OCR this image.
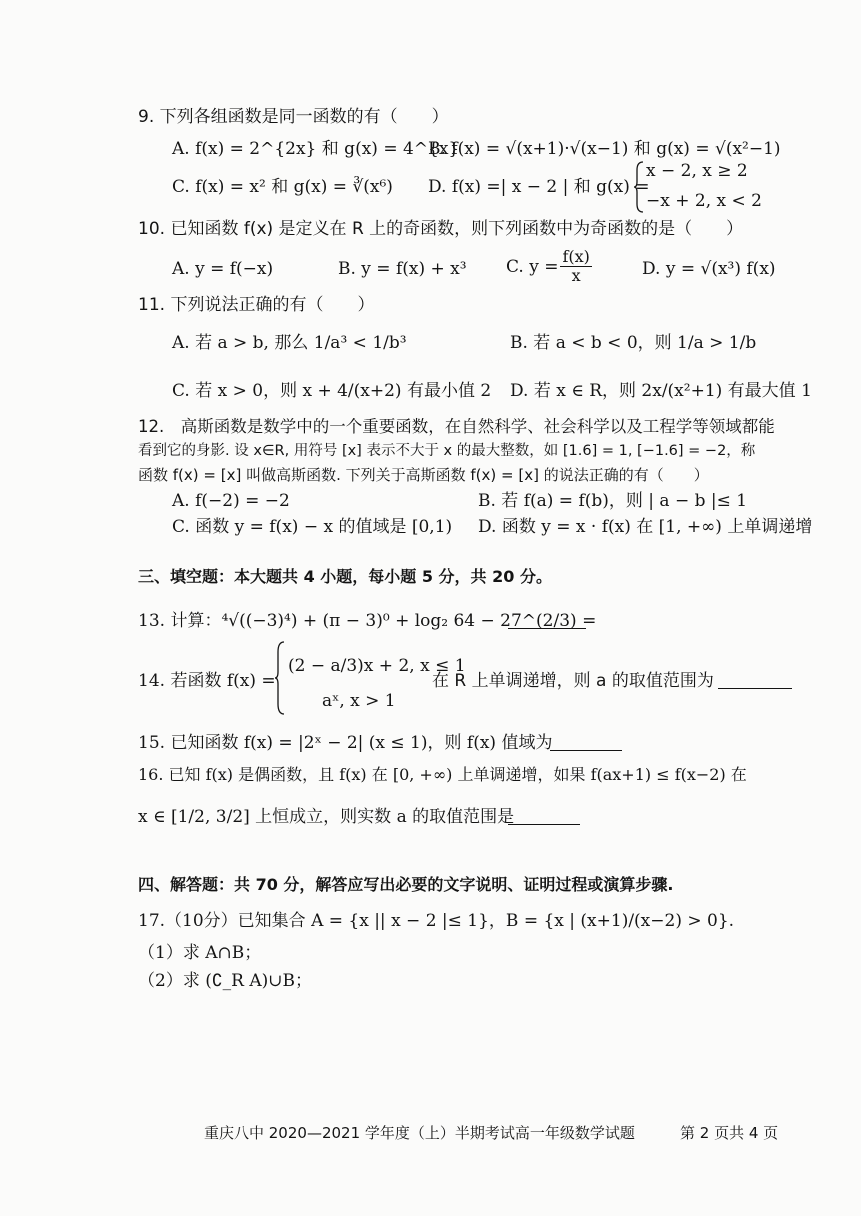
9. 下列各组函数是同一函数的有（　　）
A. f(x) = 2^{2x} 和 g(x) = 4^{x}
B. f(x) = √(x+1)·√(x−1) 和 g(x) = √(x²−1)
C. f(x) = x² 和 g(x) = ∛(x⁶) D. f(x) =| x − 2 | 和 g(x) =
x − 2, x ≥ 2
−x + 2, x < 2
10. 已知函数 f(x) 是定义在 R 上的奇函数，则下列函数中为奇函数的是（　　）
A. y = f(−x)	B. y = f(x) + x³ C. $y = \frac{f(x)}{x}$	D. y = √(x³) f(x)
11. 下列说法正确的有（　　）
A. 若 a > b, 那么 1/a³ < 1/b³	B. 若 a < b < 0，则 1/a > 1/b
C. 若 x > 0，则 x + 4/(x+2) 有最小值 2 D. 若 x ∈ R，则 2x/(x²+1) 有最大值 1
12.　高斯函数是数学中的一个重要函数，在自然科学、社会科学以及工程学等领域都能
看到它的身影. 设 x∈R, 用符号 [x] 表示不大于 x 的最大整数，如 [1.6] = 1, [−1.6] = −2，称
函数 f(x) = [x] 叫做高斯函数. 下列关于高斯函数 f(x) = [x] 的说法正确的有（　　）
A. f(−2) = −2	B. 若 f(a) = f(b)，则 | a − b |≤ 1
C. 函数 y = f(x) − x 的值域是 [0,1) D. 函数 y = x · f(x) 在 [1, +∞) 上单调递增
三、填空题：本大题共 4 小题，每小题 5 分，共 20 分。
13. 计算：⁴√((−3)⁴) + (π − 3)⁰ + log₂ 64 − 27^(2/3) =
14. 若函数 f(x) =
(2 − a/3)x + 2, x ≤ 1
aˣ, x > 1
在 R 上单调递增，则 a 的取值范围为
15. 已知函数 f(x) = |2ˣ − 2| (x ≤ 1)，则 f(x) 值域为
16. 已知 f(x) 是偶函数，且 f(x) 在 [0, +∞) 上单调递增，如果 f(ax+1) ≤ f(x−2) 在
x ∈ [1/2, 3/2] 上恒成立，则实数 a 的取值范围是
四、解答题：共 70 分，解答应写出必要的文字说明、证明过程或演算步骤.
17.（10分）已知集合 A = {x || x − 2 |≤ 1}，B = {x | (x+1)/(x−2) > 0}.
（1）求 A∩B；
（2）求 (∁_R A)∪B；
重庆八中 2020—2021 学年度（上）半期考试高一年级数学试题	第 2 页共 4 页
